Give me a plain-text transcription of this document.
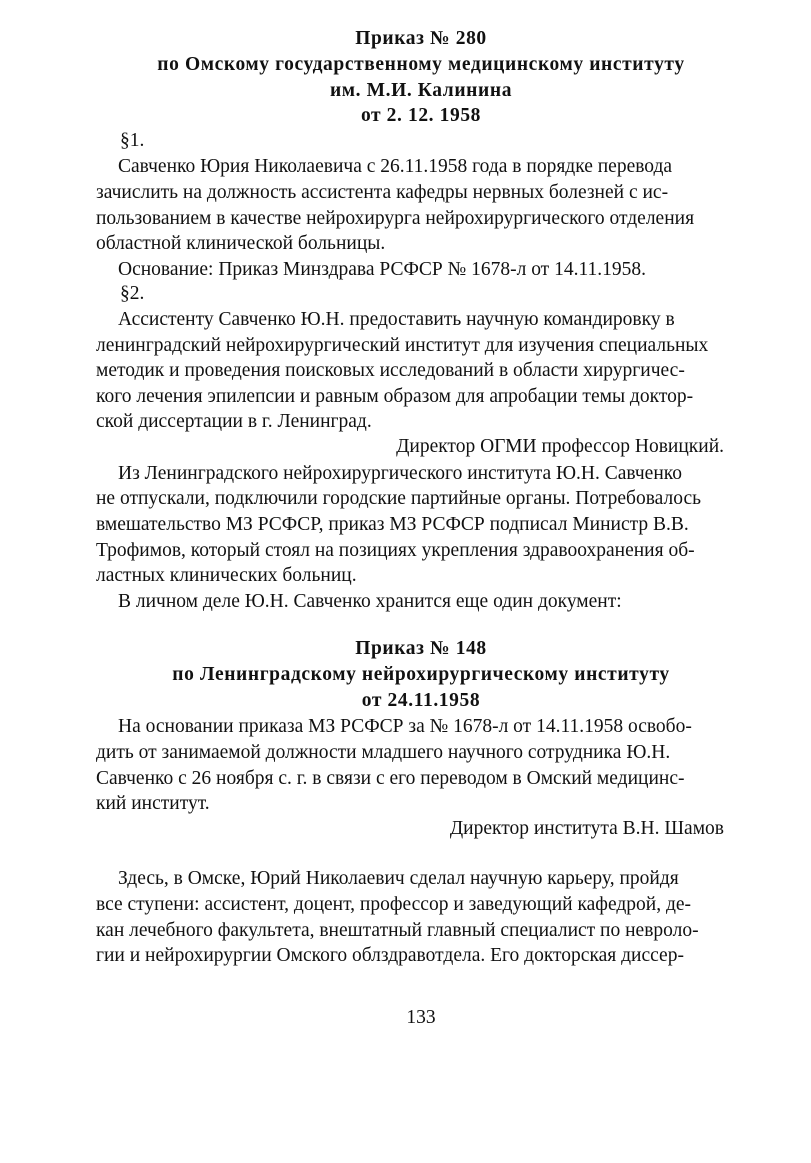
Приказ № 280
по Омскому государственному медицинскому институту
им. М.И. Калинина
от 2. 12. 1958
§1.
Савченко Юрия Николаевича с 26.11.1958 года в порядке перевода
зачислить на должность ассистента кафедры нервных болезней с ис-
пользованием в качестве нейрохирурга нейрохирургического отделения
областной клинической больницы.
Основание: Приказ Минздрава РСФСР № 1678-л от 14.11.1958.
§2.
Ассистенту Савченко Ю.Н. предоставить научную командировку в
ленинградский нейрохирургический институт для изучения специальных
методик и проведения поисковых исследований в области хирургичес-
кого лечения эпилепсии и равным образом для апробации темы доктор-
ской диссертации в г. Ленинград.
Директор ОГМИ профессор Новицкий.
Из Ленинградского нейрохирургического института Ю.Н. Савченко
не отпускали, подключили городские партийные органы. Потребовалось
вмешательство МЗ РСФСР, приказ МЗ РСФСР подписал Министр В.В.
Трофимов, который стоял на позициях укрепления здравоохранения об-
ластных клинических больниц.
В личном деле Ю.Н. Савченко хранится еще один документ:
Приказ № 148
по Ленинградскому нейрохирургическому институту
от 24.11.1958
На основании приказа МЗ РСФСР за № 1678-л от 14.11.1958 освобо-
дить от занимаемой должности младшего научного сотрудника Ю.Н.
Савченко с 26 ноября с. г. в связи с его переводом в Омский медицинс-
кий институт.
Директор института В.Н. Шамов
Здесь, в Омске, Юрий Николаевич сделал научную карьеру, пройдя
все ступени: ассистент, доцент, профессор и заведующий кафедрой, де-
кан лечебного факультета, внештатный главный специалист по невроло-
гии и нейрохирургии Омского облздравотдела. Его докторская диссер-
133
